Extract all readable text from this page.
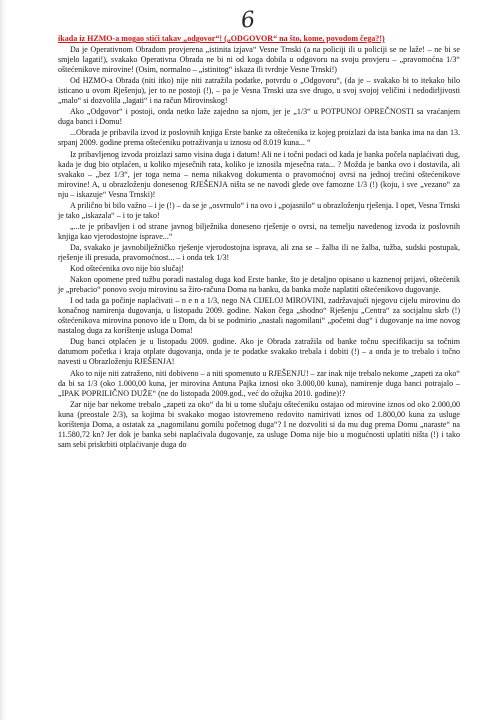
6

ikada iz HZMO-a mogao stići takav „odgovor“! („ODGOVOR“ na što, kome, povodom čega?!)

Da je Operativnom Obradom provjerena „istinita izjava“ Vesne Trnski (a na policiji ili u policiji se ne laže! – ne bi se smjelo lagati!), svakako Operativna Obrada ne bi ni od koga dobila u odgovoru na svoju provjeru – „pravomoćna 1/3“ oštećenikove mirovine! (Osim, normalno – „istinitog“ iskaza ili tvrdnje Vesne Trnski!)

Od HZMO-a Obrada (niti itko) nije niti zatražila podatke, potvrdu o „Odgovoru“, (da je – svakako bi to itekako bilo isticano u ovom Rješenju), jer to ne postoji (!), – pa je Vesna Trnski uza sve drugo, u svoj svojoj veličini i nedodirljivosti „malo“ si dozvolila „lagati“ i na račun Mirovinskog!

Ako „Odgovor“ i postoji, onda netko laže zajedno sa njom, jer je „1/3“ u POTPUNOJ OPREČNOSTI sa vraćanjem duga banci i Domu!

...Obrada je pribavila izvod iz poslovnih knjiga Erste banke za oštećenika iz kojeg proizlazi da ista banka ima na dan 13. srpanj 2009. godine prema oštećeniku potraživanja u iznosu od 8.019 kuna... “

Iz pribavljenog izvoda proizlazi samo visina duga i datum! Ali ne i točni podaci od kada je banka počela naplaćivati dug, kada je dug bio otplaćen, u koliko mjesečnih rata, koliko je iznosila mjesečna rata... ? Možda je banka ovo i dostavila, ali svakako – „bez 1/3“, jer toga nema – nema nikakvog dokumenta o pravomoćnoj ovrsi na jednoj trećini oštećenikove mirovine! A, u obrazloženju donesenog RJEŠENJA ništa se ne navodi glede ove famozne 1/3 (!) (koju, i sve „vezano“ za nju – iskazuje“ Vesna Trnski)!

A prilično bi bilo važno – i je (!) – da se je „osvrnulo“ i na ovo i „pojasnilo“ u obrazloženju rješenja. I opet, Vesna Trnski je tako „iskazala“ – i to je tako!

„...te je pribavljen i od strane javnog bilježnika doneseno rješenje o ovrsi, na temelju navedenog izvoda iz poslovnih knjiga kao vjerodostojne isprave...“

Da, svakako je javnobilježničko rješenje vjerodostojna isprava, ali zna se – žalba ili ne žalba, tužba, sudski postupak, rješenje ili presuda, pravomoćnost... – i onda tek 1/3!

Kod oštećenika ovo nije bio slučaj!

Nakon opomene pred tužbu poradi nastalog duga kod Erste banke, što je detaljno opisano u kaznenoj prijavi, oštećenik je „prebacio“ ponovo svoju mirovinu sa žiro-računa Doma na banku, da banka može naplatiti oštećenikovo dugovanje.

I od tada ga počinje naplaćivati – n e n a 1/3, nego NA CIJELOJ MIROVINI, zadržavajući njegovu cijelu mirovinu do konačnog namirenja dugovanja, u listopadu 2009. godine. Nakon čega „shodno“ Rješenju „Centra“ za socijalnu skrb (!) oštećenikova mirovina ponovo ide u Dom, da bi se podmirio „nastali nagomilani“ „početni dug“ i dugovanje na ime novog nastalog duga za korištenje usluga Doma!

Dug banci otplaćen je u listopadu 2009. godine. Ako je Obrada zatražila od banke točnu specifikaciju sa točnim datumom početka i kraja otplate dugovanja, onda je te podatke svakako trebala i dobiti (!) – a onda je to trebalo i točno navesti u Obrazloženju RJEŠENJA!

Ako to nije niti zatraženo, niti dobiveno – a niti spomenuto u RJEŠENJU! – zar inak nije trebalo nekome „zapeti za oko“ da bi sa 1/3 (oko 1.000,00 kuna, jer mirovina Antuna Pajka iznosi oko 3.000,00 kuna), namirenje duga banci potrajalo – „IPAK POPRILIČNO DUŽE“ (ne do listopada 2009.god., već do ožujka 2010. godine)!?

Zar nije bar nekome trebalo „zapeti za oko“ da bi u tome slučaju oštećeniku ostajao od mirovine iznos od oko 2.000,00 kuna (preostale 2/3), sa kojima bi svakako mogao istovremeno redovito namirivati iznos od 1.800,00 kuna za usluge korištenja Doma, a ostatak za „nagomilanu gomilu početnog duga“? I ne dozvoliti si da mu dug prema Domu „naraste“ na 11.580,72 kn? Jer dok je banka sebi naplaćivala dugovanje, za usluge Doma nije bio u mogućnosti uplatiti ništa (!) i tako sam sebi priskrbiti otplaćivanje duga do
